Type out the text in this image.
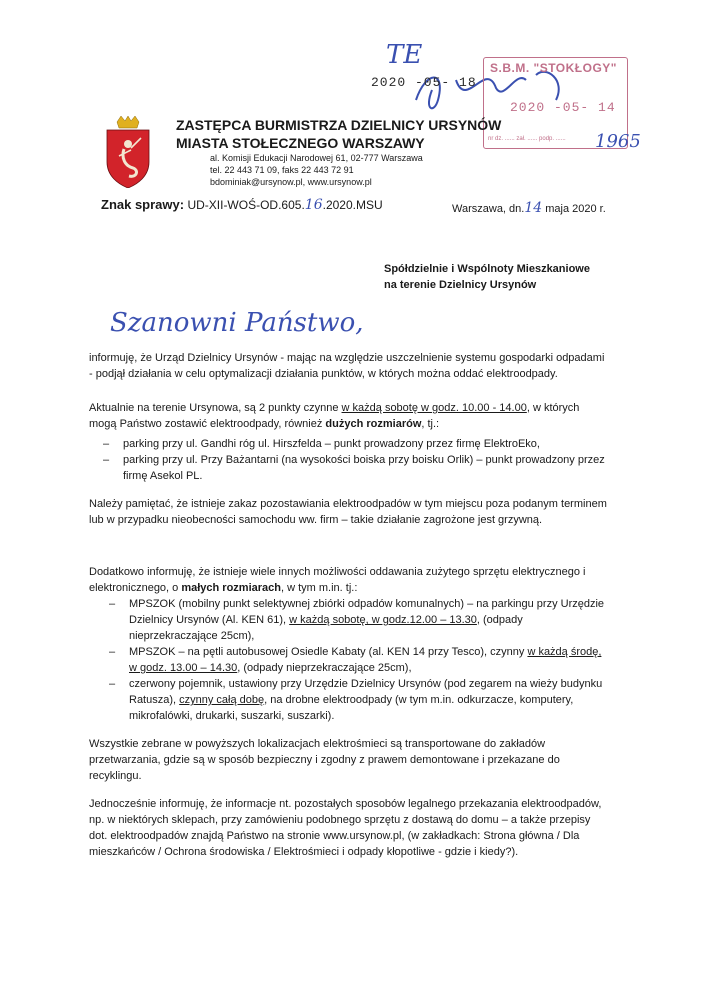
TE
2020 -05- 18
S.B.M. "STOKŁOGY"
2020 -05- 14
nr dz. ...... zał. ...... podp. ...... 1965
ZASTĘPCA BURMISTRZA DZIELNICY URSYNÓW
MIASTA STOŁECZNEGO WARSZAWY
al. Komisji Edukacji Narodowej 61, 02-777 Warszawa
tel. 22 443 71 09, faks 22 443 72 91
bdominiak@ursynow.pl, www.ursynow.pl
Znak sprawy: UD-XII-WOŚ-OD.605.16.2020.MSU	Warszawa, dn.14 maja 2020 r.
Spółdzielnie i Wspólnoty Mieszkaniowe
na terenie Dzielnicy Ursynów
Szanowni Państwo,
informuję, że Urząd Dzielnicy Ursynów - mając na względzie uszczelnienie systemu gospodarki odpadami - podjął działania w celu optymalizacji działania punktów, w których można oddać elektroodpady.
Aktualnie na terenie Ursynowa, są 2 punkty czynne w każdą sobotę w godz. 10.00 - 14.00, w których mogą Państwo zostawić elektroodpady, również dużych rozmiarów, tj.:
– parking przy ul. Gandhi róg ul. Hirszfelda – punkt prowadzony przez firmę ElektroEko,
– parking przy ul. Przy Bażantarni (na wysokości boiska przy boisku Orlik) – punkt prowadzony przez firmę Asekol PL.
Należy pamiętać, że istnieje zakaz pozostawiania elektroodpadów w tym miejscu poza podanym terminem lub w przypadku nieobecności samochodu ww. firm – takie działanie zagrożone jest grzywną.
Dodatkowo informuję, że istnieje wiele innych możliwości oddawania zużytego sprzętu elektrycznego i elektronicznego, o małych rozmiarach, w tym m.in. tj.:
– MPSZOK (mobilny punkt selektywnej zbiórki odpadów komunalnych) – na parkingu przy Urzędzie Dzielnicy Ursynów (Al. KEN 61), w każdą sobotę, w godz.12.00 – 13.30, (odpady nieprzekraczające 25cm),
– MPSZOK – na pętli autobusowej Osiedle Kabaty (al. KEN 14 przy Tesco), czynny w każdą środę, w godz. 13.00 – 14.30, (odpady nieprzekraczające 25cm),
– czerwony pojemnik, ustawiony przy Urzędzie Dzielnicy Ursynów (pod zegarem na wieży budynku Ratusza), czynny całą dobę, na drobne elektroodpady (w tym m.in. odkurzacze, komputery, mikrofalówki, drukarki, suszarki, suszarki).
Wszystkie zebrane w powyższych lokalizacjach elektrośmieci są transportowane do zakładów przetwarzania, gdzie są w sposób bezpieczny i zgodny z prawem demontowane i przekazane do recyklingu.
Jednocześnie informuję, że informacje nt. pozostałych sposobów legalnego przekazania elektroodpadów, np. w niektórych sklepach, przy zamówieniu podobnego sprzętu z dostawą do domu – a także przepisy dot. elektroodpadów znajdą Państwo na stronie www.ursynow.pl, (w zakładkach: Strona główna / Dla mieszkańców / Ochrona środowiska / Elektrośmieci i odpady kłopotliwe - gdzie i kiedy?).
